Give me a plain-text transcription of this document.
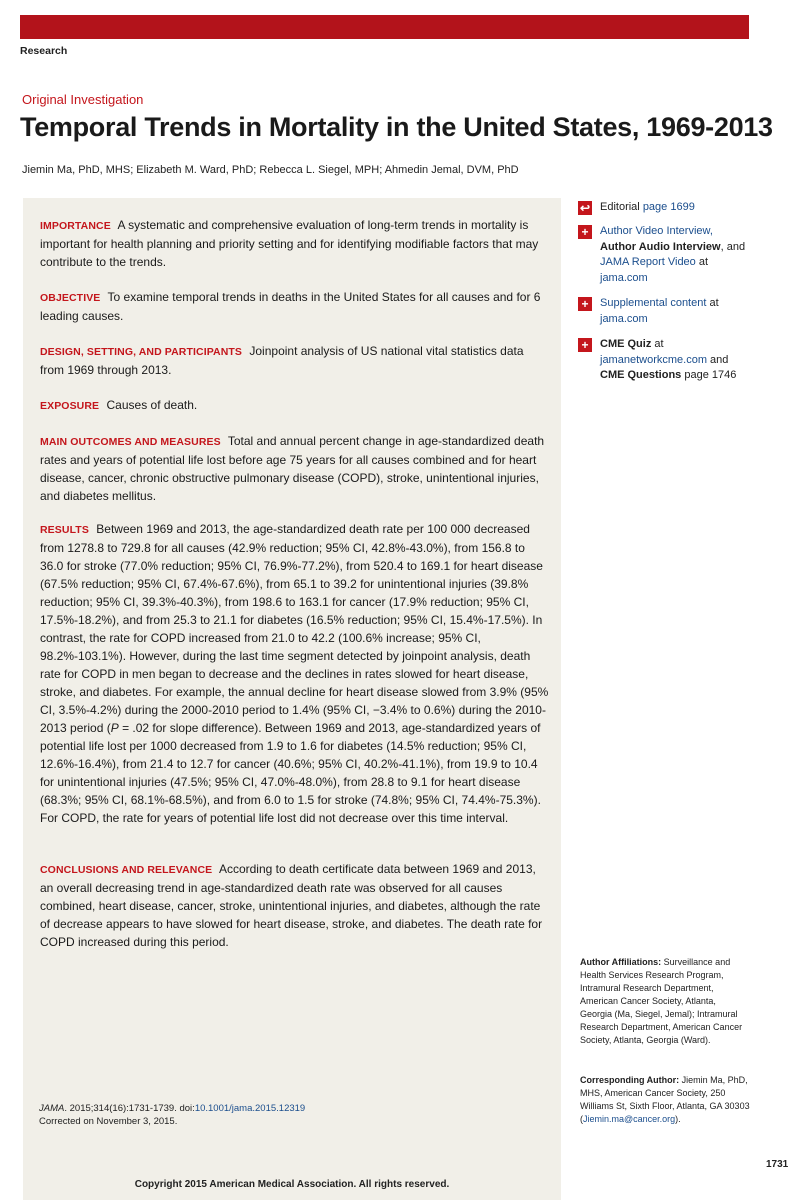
Research
Original Investigation
Temporal Trends in Mortality in the United States, 1969-2013
Jiemin Ma, PhD, MHS; Elizabeth M. Ward, PhD; Rebecca L. Siegel, MPH; Ahmedin Jemal, DVM, PhD

IMPORTANCE A systematic and comprehensive evaluation of long-term trends in mortality is important for health planning and priority setting and for identifying modifiable factors that may contribute to the trends.

OBJECTIVE To examine temporal trends in deaths in the United States for all causes and for 6 leading causes.

DESIGN, SETTING, AND PARTICIPANTS Joinpoint analysis of US national vital statistics data from 1969 through 2013.

EXPOSURE Causes of death.

MAIN OUTCOMES AND MEASURES Total and annual percent change in age-standardized death rates and years of potential life lost before age 75 years for all causes combined and for heart disease, cancer, chronic obstructive pulmonary disease (COPD), stroke, unintentional injuries, and diabetes mellitus.

RESULTS Between 1969 and 2013, the age-standardized death rate per 100 000 decreased from 1278.8 to 729.8 for all causes (42.9% reduction; 95% CI, 42.8%-43.0%), from 156.8 to 36.0 for stroke (77.0% reduction; 95% CI, 76.9%-77.2%), from 520.4 to 169.1 for heart disease (67.5% reduction; 95% CI, 67.4%-67.6%), from 65.1 to 39.2 for unintentional injuries (39.8% reduction; 95% CI, 39.3%-40.3%), from 198.6 to 163.1 for cancer (17.9% reduction; 95% CI, 17.5%-18.2%), and from 25.3 to 21.1 for diabetes (16.5% reduction; 95% CI, 15.4%-17.5%). In contrast, the rate for COPD increased from 21.0 to 42.2 (100.6% increase; 95% CI, 98.2%-103.1%). However, during the last time segment detected by joinpoint analysis, death rate for COPD in men began to decrease and the declines in rates slowed for heart disease, stroke, and diabetes. For example, the annual decline for heart disease slowed from 3.9% (95% CI, 3.5%-4.2%) during the 2000-2010 period to 1.4% (95% CI, −3.4% to 0.6%) during the 2010-2013 period (P = .02 for slope difference). Between 1969 and 2013, age-standardized years of potential life lost per 1000 decreased from 1.9 to 1.6 for diabetes (14.5% reduction; 95% CI, 12.6%-16.4%), from 21.4 to 12.7 for cancer (40.6%; 95% CI, 40.2%-41.1%), from 19.9 to 10.4 for unintentional injuries (47.5%; 95% CI, 47.0%-48.0%), from 28.8 to 9.1 for heart disease (68.3%; 95% CI, 68.1%-68.5%), and from 6.0 to 1.5 for stroke (74.8%; 95% CI, 74.4%-75.3%). For COPD, the rate for years of potential life lost did not decrease over this time interval.

CONCLUSIONS AND RELEVANCE According to death certificate data between 1969 and 2013, an overall decreasing trend in age-standardized death rate was observed for all causes combined, heart disease, cancer, stroke, unintentional injuries, and diabetes, although the rate of decrease appears to have slowed for heart disease, stroke, and diabetes. The death rate for COPD increased during this period.

JAMA. 2015;314(16):1731-1739. doi:10.1001/jama.2015.12319
Corrected on November 3, 2015.
Copyright 2015 American Medical Association. All rights reserved.
↩ Editorial page 1699
+	Author Video Interview,
Author Audio Interview, and
JAMA Report Video at
jama.com
+	Supplemental content at
jama.com
+	CME Quiz at
jamanetworkcme.com and
CME Questions page 1746
Author Affiliations: Surveillance and Health Services Research Program, Intramural Research Department, American Cancer Society, Atlanta, Georgia (Ma, Siegel, Jemal); Intramural Research Department, American Cancer Society, Atlanta, Georgia (Ward).
Corresponding Author: Jiemin Ma, PhD, MHS, American Cancer Society, 250 Williams St, Sixth Floor, Atlanta, GA 30303 (Jiemin.ma@cancer.org).
1731
